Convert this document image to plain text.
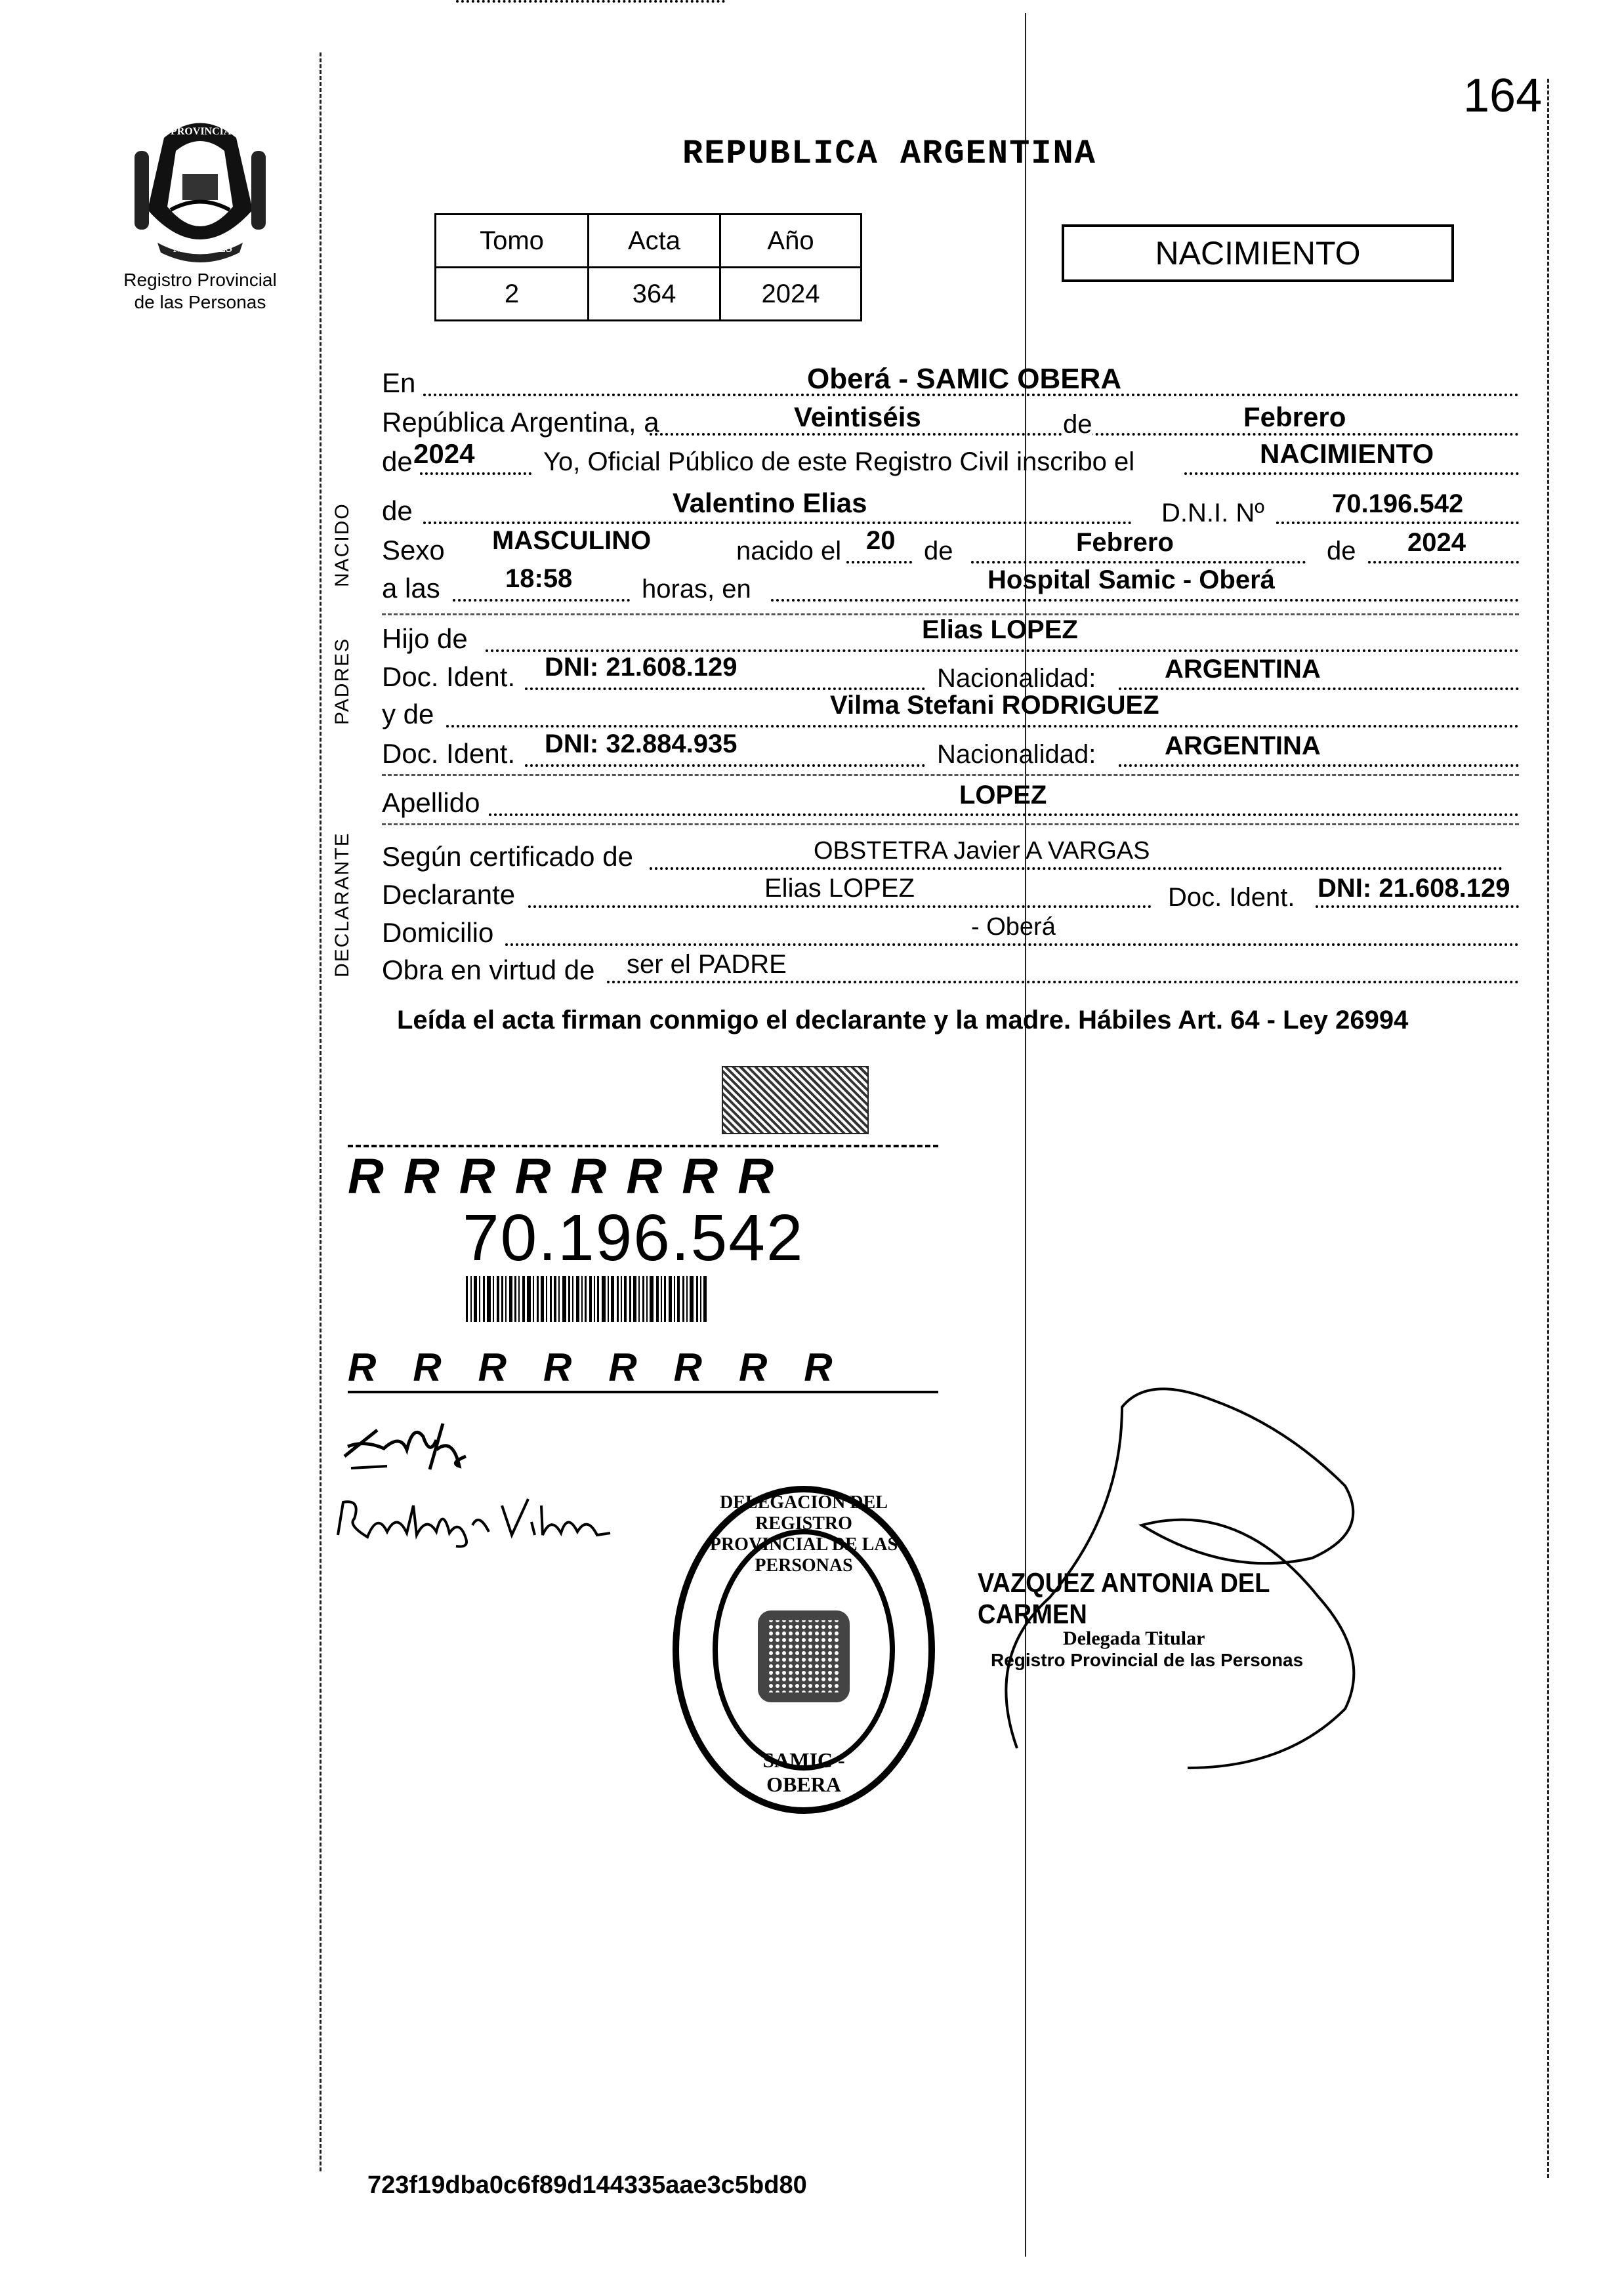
164
PROVINCIA DE
MISIONES
Registro Provincial
de las Personas
REPUBLICA ARGENTINA
Tomo	Acta	Año
2	364	2024
NACIMIENTO
NACIDO
PADRES
DECLARANTE
En	Oberá - SAMIC OBERA
República Argentina, a	Veintiséis	de	Febrero
de 2024	Yo, Oficial Público de este Registro Civil inscribo el	NACIMIENTO
de	Valentino Elias	D.N.I. Nº	70.196.542
Sexo MASCULINO	nacido el 20 de	Febrero	de 2024
a las 18:58	horas, en	Hospital Samic - Oberá
Hijo de	Elias LOPEZ
Doc. Ident. DNI: 21.608.129	Nacionalidad:	ARGENTINA
y de	Vilma Stefani RODRIGUEZ
Doc. Ident. DNI: 32.884.935	Nacionalidad:	ARGENTINA
Apellido	LOPEZ
Según certificado de	OBSTETRA Javier A VARGAS
Declarante	Elias LOPEZ	Doc. Ident. DNI: 21.608.129
Domicilio	- Oberá
Obra en virtud de ser el PADRE
Leída el acta firman conmigo el declarante y la madre. Hábiles Art. 64 - Ley 26994
RRRRRRRR
70.196.542
RRRRRRRR
DELEGACIÓN DEL REGISTRO PROVINCIAL DE LAS PERSONAS
SAMIC - OBERA
VAZQUEZ ANTONIA DEL CARMEN
Delegada Titular
Registro Provincial de las Personas
723f19dba0c6f89d144335aae3c5bd80
